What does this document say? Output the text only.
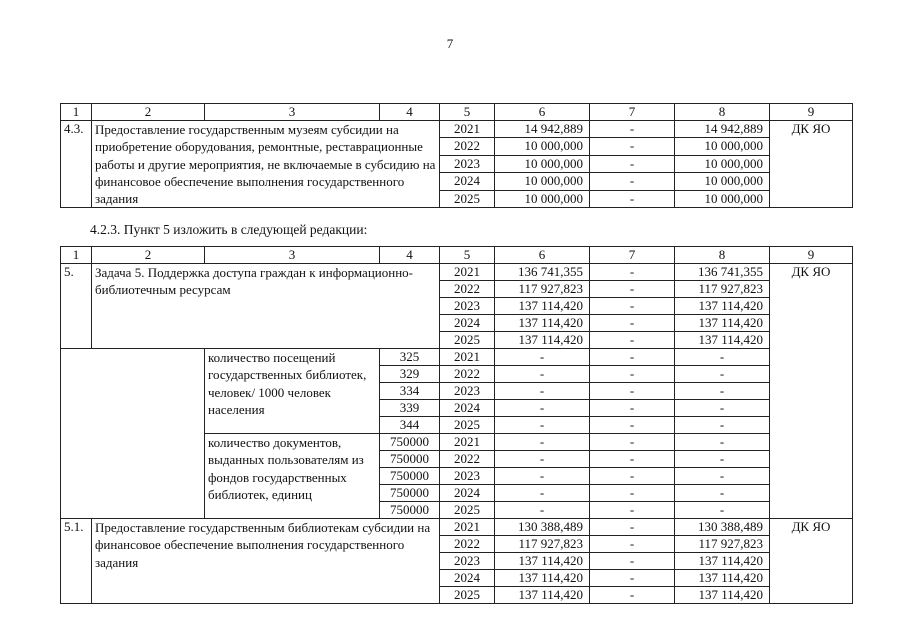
7
1	2	3	4	5	6	7	8	9
4.3.	Предоставление государственным музеям субсидии на приобретение оборудования, ремонтные, реставрационные работы и другие мероприятия, не включаемые в субсидию на финансовое обеспечение выполнения государственного задания			2021	14 942,889	-	14 942,889	ДК ЯО
				2022	10 000,000	-	10 000,000	
				2023	10 000,000	-	10 000,000	
				2024	10 000,000	-	10 000,000	
				2025	10 000,000	-	10 000,000	
4.2.3. Пункт 5 изложить в следующей редакции:
1	2	3	4	5	6	7	8	9
5.	Задача 5. Поддержка доступа граждан к информационно-библиотечным ресурсам			2021	136 741,355	-	136 741,355	ДК ЯО
				2022	117 927,823	-	117 927,823	
				2023	137 114,420	-	137 114,420	
				2024	137 114,420	-	137 114,420	
				2025	137 114,420	-	137 114,420	
		количество посещений государственных библиотек, человек/ 1000 человек населения	325	2021	-	-	-	
			329	2022	-	-	-	
			334	2023	-	-	-	
			339	2024	-	-	-	
			344	2025	-	-	-	
		количество документов, выданных пользователям из фондов государственных библиотек, единиц	750000	2021	-	-	-	
			750000	2022	-	-	-	
			750000	2023	-	-	-	
			750000	2024	-	-	-	
			750000	2025	-	-	-	
5.1.	Предоставление государственным библиотекам субсидии на финансовое обеспечение выполнения государственного задания			2021	130 388,489	-	130 388,489	ДК ЯО
				2022	117 927,823	-	117 927,823	
				2023	137 114,420	-	137 114,420	
				2024	137 114,420	-	137 114,420	
				2025	137 114,420	-	137 114,420	
